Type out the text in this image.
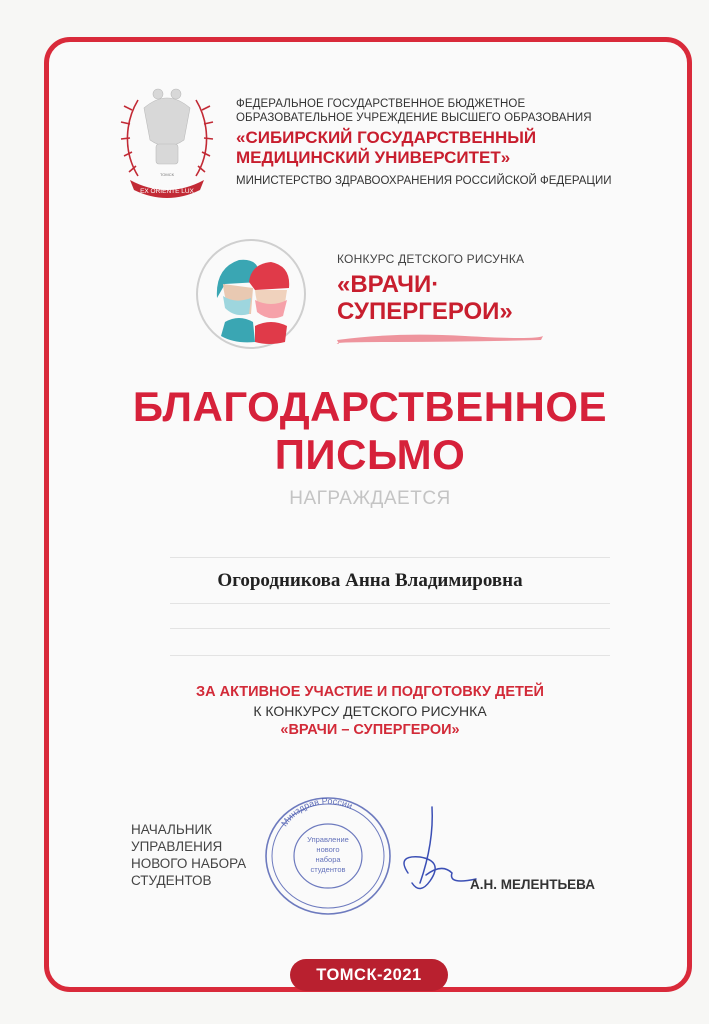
EX ORIENTE LUX
ТОМСК
ФЕДЕРАЛЬНОЕ ГОСУДАРСТВЕННОЕ БЮДЖЕТНОЕ
ОБРАЗОВАТЕЛЬНОЕ УЧРЕЖДЕНИЕ ВЫСШЕГО ОБРАЗОВАНИЯ
«СИБИРСКИЙ ГОСУДАРСТВЕННЫЙ
МЕДИЦИНСКИЙ УНИВЕРСИТЕТ»
МИНИСТЕРСТВО ЗДРАВООХРАНЕНИЯ РОССИЙСКОЙ ФЕДЕРАЦИИ
КОНКУРС ДЕТСКОГО РИСУНКА
«ВРАЧИ·
СУПЕРГЕРОИ»
БЛАГОДАРСТВЕННОЕ
ПИСЬМО
НАГРАЖДАЕТСЯ
Огородникова Анна Владимировна
ЗА АКТИВНОЕ УЧАСТИЕ И ПОДГОТОВКУ ДЕТЕЙ
К КОНКУРСУ ДЕТСКОГО РИСУНКА
«ВРАЧИ – СУПЕРГЕРОИ»
НАЧАЛЬНИК
УПРАВЛЕНИЯ
НОВОГО НАБОРА
СТУДЕНТОВ
Минздрав России
Управление
нового
набора
студентов
А.Н. МЕЛЕНТЬЕВА
ТОМСК-2021
